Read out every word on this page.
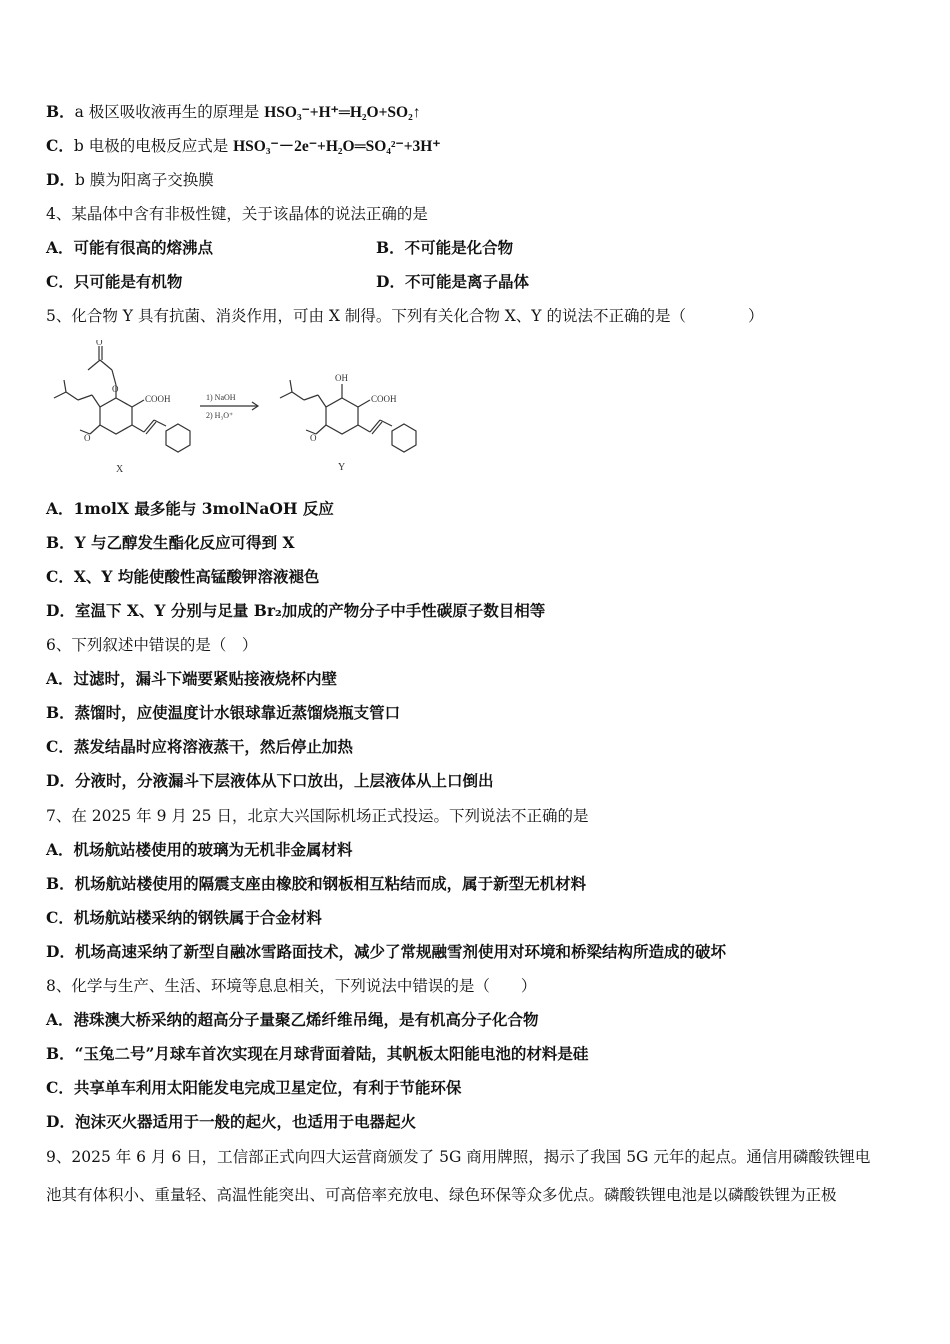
B．a 极区吸收液再生的原理是 HSO₃⁻+H⁺═H₂O+SO₂↑
C．b 电极的电极反应式是 HSO₃⁻－2e⁻+H₂O═SO₄²⁻+3H⁺
D．b 膜为阳离子交换膜
4、某晶体中含有非极性键，关于该晶体的说法正确的是
A．可能有很高的熔沸点	B．不可能是化合物
C．只可能是有机物	D．不可能是离子晶体
5、化合物 Y 具有抗菌、消炎作用，可由 X 制得。下列有关化合物 X、Y 的说法不正确的是（　　　　）
O
O
O
COOH
X
1) NaOH
2) H₃O⁺
OH
O
COOH
Y
A．1molX 最多能与 3molNaOH 反应
B．Y 与乙醇发生酯化反应可得到 X
C．X、Y 均能使酸性高锰酸钾溶液褪色
D．室温下 X、Y 分别与足量 Br₂加成的产物分子中手性碳原子数目相等
6、下列叙述中错误的是（　）
A．过滤时，漏斗下端要紧贴接液烧杯内壁
B．蒸馏时，应使温度计水银球靠近蒸馏烧瓶支管口
C．蒸发结晶时应将溶液蒸干，然后停止加热
D．分液时，分液漏斗下层液体从下口放出，上层液体从上口倒出
7、在 2025 年 9 月 25 日，北京大兴国际机场正式投运。下列说法不正确的是
A．机场航站楼使用的玻璃为无机非金属材料
B．机场航站楼使用的隔震支座由橡胶和钢板相互粘结而成，属于新型无机材料
C．机场航站楼采纳的钢铁属于合金材料
D．机场高速采纳了新型自融冰雪路面技术，减少了常规融雪剂使用对环境和桥梁结构所造成的破坏
8、化学与生产、生活、环境等息息相关，下列说法中错误的是（　　）
A．港珠澳大桥采纳的超高分子量聚乙烯纤维吊绳，是有机高分子化合物
B．“玉兔二号”月球车首次实现在月球背面着陆，其帆板太阳能电池的材料是硅
C．共享单车利用太阳能发电完成卫星定位，有利于节能环保
D．泡沫灭火器适用于一般的起火，也适用于电器起火
9、2025 年 6 月 6 日，工信部正式向四大运营商颁发了 5G 商用牌照，揭示了我国 5G 元年的起点。通信用磷酸铁锂电
池其有体积小、重量轻、高温性能突出、可高倍率充放电、绿色环保等众多优点。磷酸铁锂电池是以磷酸铁锂为正极
